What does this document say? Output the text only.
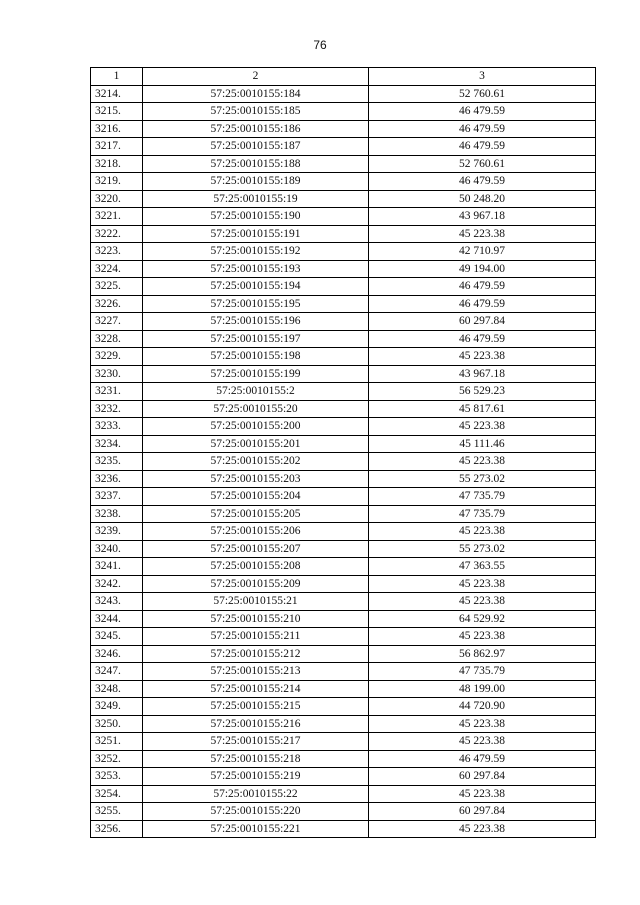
76
1	2	3
3214.	57:25:0010155:184	52 760.61
3215.	57:25:0010155:185	46 479.59
3216.	57:25:0010155:186	46 479.59
3217.	57:25:0010155:187	46 479.59
3218.	57:25:0010155:188	52 760.61
3219.	57:25:0010155:189	46 479.59
3220.	57:25:0010155:19	50 248.20
3221.	57:25:0010155:190	43 967.18
3222.	57:25:0010155:191	45 223.38
3223.	57:25:0010155:192	42 710.97
3224.	57:25:0010155:193	49 194.00
3225.	57:25:0010155:194	46 479.59
3226.	57:25:0010155:195	46 479.59
3227.	57:25:0010155:196	60 297.84
3228.	57:25:0010155:197	46 479.59
3229.	57:25:0010155:198	45 223.38
3230.	57:25:0010155:199	43 967.18
3231.	57:25:0010155:2	56 529.23
3232.	57:25:0010155:20	45 817.61
3233.	57:25:0010155:200	45 223.38
3234.	57:25:0010155:201	45 111.46
3235.	57:25:0010155:202	45 223.38
3236.	57:25:0010155:203	55 273.02
3237.	57:25:0010155:204	47 735.79
3238.	57:25:0010155:205	47 735.79
3239.	57:25:0010155:206	45 223.38
3240.	57:25:0010155:207	55 273.02
3241.	57:25:0010155:208	47 363.55
3242.	57:25:0010155:209	45 223.38
3243.	57:25:0010155:21	45 223.38
3244.	57:25:0010155:210	64 529.92
3245.	57:25:0010155:211	45 223.38
3246.	57:25:0010155:212	56 862.97
3247.	57:25:0010155:213	47 735.79
3248.	57:25:0010155:214	48 199.00
3249.	57:25:0010155:215	44 720.90
3250.	57:25:0010155:216	45 223.38
3251.	57:25:0010155:217	45 223.38
3252.	57:25:0010155:218	46 479.59
3253.	57:25:0010155:219	60 297.84
3254.	57:25:0010155:22	45 223.38
3255.	57:25:0010155:220	60 297.84
3256.	57:25:0010155:221	45 223.38
